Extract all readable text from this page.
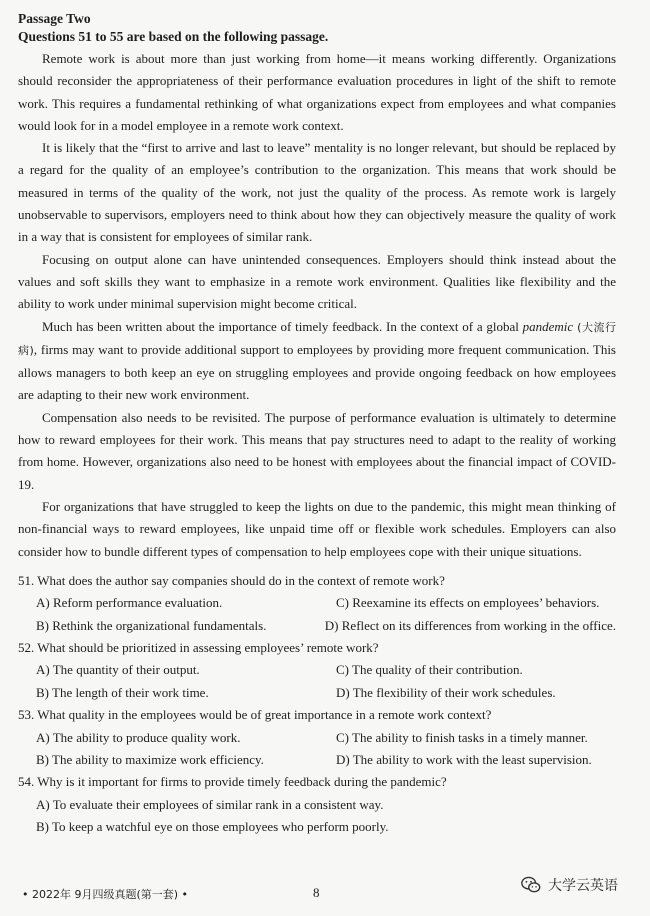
Passage Two
Questions 51 to 55 are based on the following passage.

Remote work is about more than just working from home—it means working differently. Organizations should reconsider the appropriateness of their performance evaluation procedures in light of the shift to remote work. This requires a fundamental rethinking of what organizations expect from employees and what companies would look for in a model employee in a remote work context.

It is likely that the “first to arrive and last to leave” mentality is no longer relevant, but should be replaced by a regard for the quality of an employee’s contribution to the organization. This means that work should be measured in terms of the quality of the work, not just the quality of the process. As remote work is largely unobservable to supervisors, employers need to think about how they can objectively measure the quality of work in a way that is consistent for employees of similar rank.

Focusing on output alone can have unintended consequences. Employers should think instead about the values and soft skills they want to emphasize in a remote work environment. Qualities like flexibility and the ability to work under minimal supervision might become critical.

Much has been written about the importance of timely feedback. In the context of a global pandemic (大流行病), firms may want to provide additional support to employees by providing more frequent communication. This allows managers to both keep an eye on struggling employees and provide ongoing feedback on how employees are adapting to their new work environment.

Compensation also needs to be revisited. The purpose of performance evaluation is ultimately to determine how to reward employees for their work. This means that pay structures need to adapt to the reality of working from home. However, organizations also need to be honest with employees about the financial impact of COVID-19.

For organizations that have struggled to keep the lights on due to the pandemic, this might mean thinking of non-financial ways to reward employees, like unpaid time off or flexible work schedules. Employers can also consider how to bundle different types of compensation to help employees cope with their unique situations.

51. What does the author say companies should do in the context of remote work?
A) Reform performance evaluation.	C) Reexamine its effects on employees’ behaviors.
B) Rethink the organizational fundamentals.	D) Reflect on its differences from working in the office.
52. What should be prioritized in assessing employees’ remote work?
A) The quantity of their output.	C) The quality of their contribution.
B) The length of their work time.	D) The flexibility of their work schedules.
53. What quality in the employees would be of great importance in a remote work context?
A) The ability to produce quality work.	C) The ability to finish tasks in a timely manner.
B) The ability to maximize work efficiency.	D) The ability to work with the least supervision.
54. Why is it important for firms to provide timely feedback during the pandemic?
A) To evaluate their employees of similar rank in a consistent way.
B) To keep a watchful eye on those employees who perform poorly.
• 2022年 9月四级真题(第一套) •	8	大学云英语
